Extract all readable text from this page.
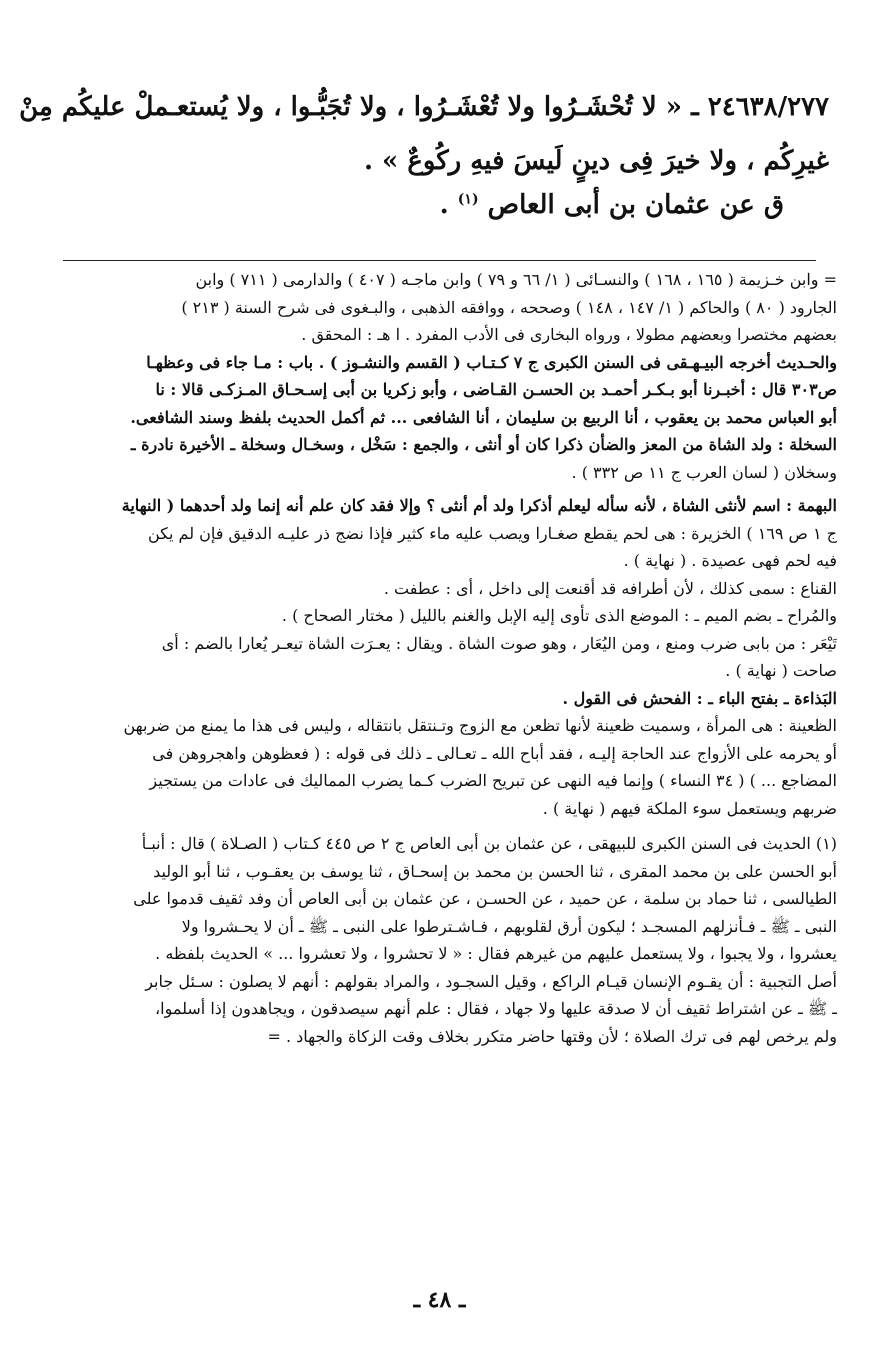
٢٤٦٣٨/٢٧٧ ـ « لا تُحْشَـرُوا ولا تُعْشَـرُوا ، ولا تُجَبُّـوا ، ولا يُستعـملْ عليكُم مِنْ
غيرِكُم ، ولا خيرَ فِى دينٍ لَيسَ فيهِ ركُوعٌ » .
ق عن عثمان بن أبى العاص $^{(١)}$ .
= وابن خـزيمة ( ١٦٥ ، ١٦٨ ) والنسـائى ( ١/ ٦٦ و ٧٩ ) وابن ماجـه ( ٤٠٧ ) والدارمى ( ٧١١ ) وابن
الجارود ( ٨٠ ) والحاكم ( ١/ ١٤٧ ، ١٤٨ ) وصححه ، ووافقه الذهبى ، والبـغوى فى شرح السنة ( ٢١٣ )
بعضهم مختصرا وبعضهم مطولا ، ورواه البخارى فى الأدب المفرد . ا هـ : المحقق .
والحـديث أخرجه البيـهـقى فى السنن الكبرى ج ٧ كـتـاب ( القسم والنشـوز ) . باب : مـا جاء فى وعظهـا
ص٣٠٣ قال : أخبـرنا أبو بـكـر أحمـد بن الحسـن القـاضى ، وأبو زكريا بن أبى إسـحـاق المـزكـى قالا : نا
أبو العباس محمد بن يعقوب ، أنا الربيع بن سليمان ، أنا الشافعى ... ثم أكمل الحديث بلفظ وسند الشافعى.
السخلة : ولد الشاة من المعز والضأن ذكرا كان أو أنثى ، والجمع : سَخْل ، وسخـال وسخلة ـ الأخيرة نادرة ـ
وسخلان ( لسان العرب ج ١١ ص ٣٣٢ ) .
البهمة : اسم لأنثى الشاة ، لأنه سأله ليعلم أذكرا ولد أم أنثى ؟ وإلا فقد كان علم أنه إنما ولد أحدهما ( النهاية
ج ١ ص ١٦٩ ) الخزيرة : هى لحم يقطع صغـارا ويصب عليه ماء كثير فإذا نضج ذر عليـه الدقيق فإن لم يكن
فيه لحم فهى عصيدة . ( نهاية ) .
القناع : سمى كذلك ، لأن أطرافه قد أقنعت إلى داخل ، أى : عطفت .
والمُراح ـ بضم الميم ـ : الموضع الذى تأوى إليه الإبل والغنم بالليل ( مختار الصحاح ) .
تَيْعَر : من بابى ضرب ومنع ، ومن اليُعَار ، وهو صوت الشاة . ويقال : يعـرَت الشاة تيعـر يُعارا بالضم : أى
صاحت ( نهاية ) .
البَذاءة ـ بفتح الباء ـ : الفحش فى القول .
الظعينة : هى المرأة ، وسميت ظعينة لأنها تظعن مع الزوج وتـنتقل بانتقاله ، وليس فى هذا ما يمنع من ضربهن
أو يحرمه على الأزواج عند الحاجة إليـه ، فقد أباح الله ـ تعـالى ـ ذلك فى قوله : ( فعظوهن واهجروهن فى
المضاجع ... ) ( ٣٤ النساء ) وإنما فيه النهى عن تبريح الضرب كـما يضرب المماليك فى عادات من يستجيز
ضربهم ويستعمل سوء الملكة فيهم ( نهاية ) .
(١) الحديث فى السنن الكبرى للبيهقى ، عن عثمان بن أبى العاص ج ٢ ص ٤٤٥ كـتاب ( الصـلاة ) قال : أنبـأ
أبو الحسن على بن محمد المقرى ، ثنا الحسن بن محمد بن إسحـاق ، ثنا يوسف بن يعقـوب ، ثنا أبو الوليد
الطيالسى ، ثنا حماد بن سلمة ، عن حميد ، عن الحسـن ، عن عثمان بن أبى العاص أن وفد ثقيف قدموا على
النبى ـ ﷺ ـ فـأنزلهم المسجـد ؛ ليكون أرق لقلوبهم ، فـاشـترطوا على النبى ـ ﷺ ـ أن لا يحـشروا ولا
يعشروا ، ولا يجبوا ، ولا يستعمل عليهم من غيرهم فقال : « لا تحشروا ، ولا تعشروا ... » الحديث بلفظه .
أصل التجبية : أن يقـوم الإنسان قيـام الراكع ، وقيل السجـود ، والمراد بقولهم : أنهم لا يصلون : سـئل جابر
ـ ﷺ ـ عن اشتراط ثقيف أن لا صدقة عليها ولا جهاد ، فقال : علم أنهم سيصدقون ، ويجاهدون إذا أسلموا،
ولم يرخص لهم فى ترك الصلاة ؛ لأن وقتها حاضر متكرر بخلاف وقت الزكاة والجهاد . =
ـ ٤٨ ـ
